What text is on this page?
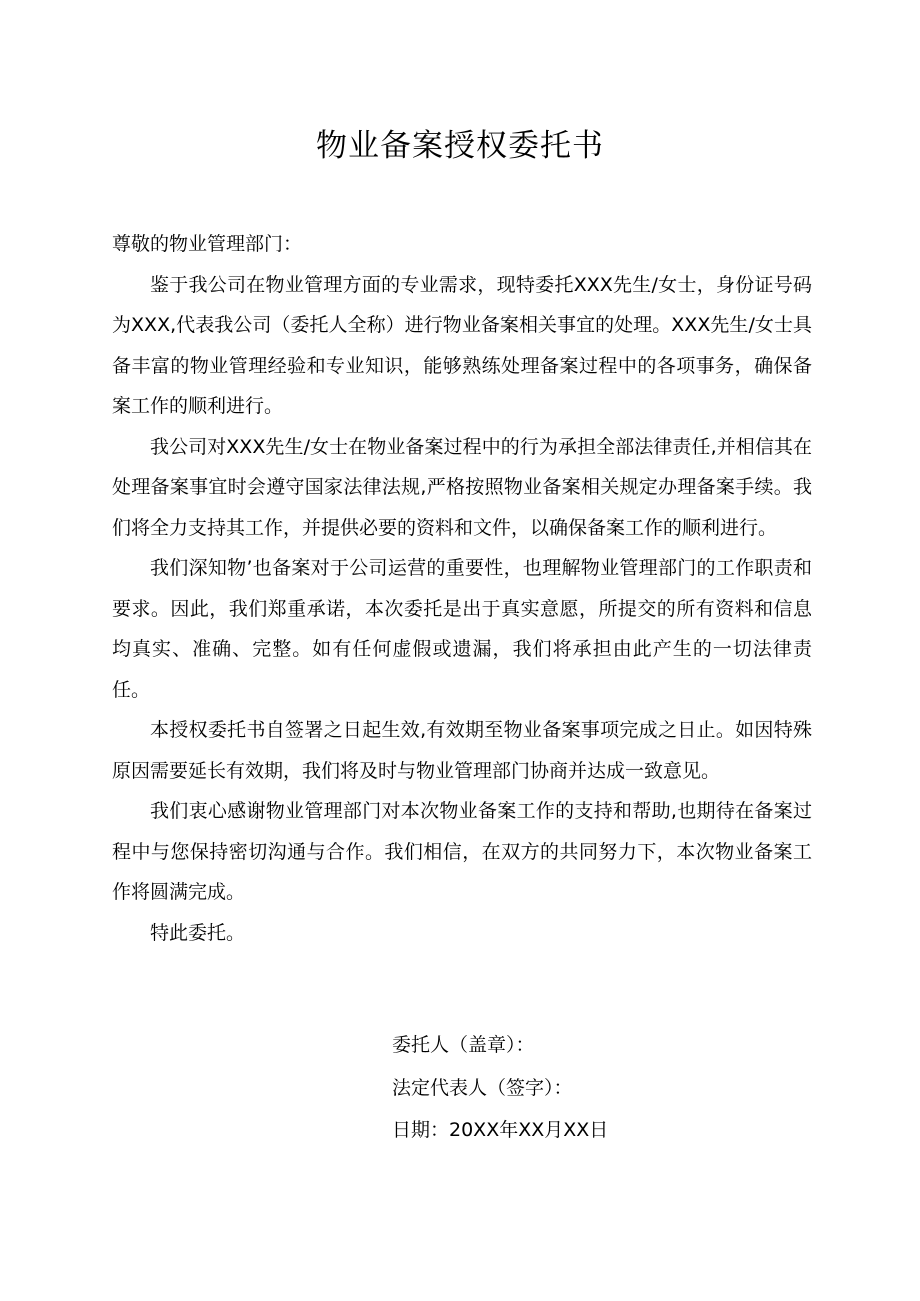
物业备案授权委托书

尊敬的物业管理部门：

鉴于我公司在物业管理方面的专业需求，现特委托XXX先生/女士，身份证号码为XXX,代表我公司（委托人全称）进行物业备案相关事宜的处理。XXX先生/女士具备丰富的物业管理经验和专业知识，能够熟练处理备案过程中的各项事务，确保备案工作的顺利进行。

我公司对XXX先生/女士在物业备案过程中的行为承担全部法律责任,并相信其在处理备案事宜时会遵守国家法律法规,严格按照物业备案相关规定办理备案手续。我们将全力支持其工作，并提供必要的资料和文件，以确保备案工作的顺利进行。

我们深知物’也备案对于公司运营的重要性，也理解物业管理部门的工作职责和要求。因此，我们郑重承诺，本次委托是出于真实意愿，所提交的所有资料和信息均真实、准确、完整。如有任何虚假或遗漏，我们将承担由此产生的一切法律责任。

本授权委托书自签署之日起生效,有效期至物业备案事项完成之日止。如因特殊原因需要延长有效期，我们将及时与物业管理部门协商并达成一致意见。

我们衷心感谢物业管理部门对本次物业备案工作的支持和帮助,也期待在备案过程中与您保持密切沟通与合作。我们相信，在双方的共同努力下，本次物业备案工作将圆满完成。

特此委托。

委托人（盖章）：
法定代表人（签字）：
日期：20XX年XX月XX日
